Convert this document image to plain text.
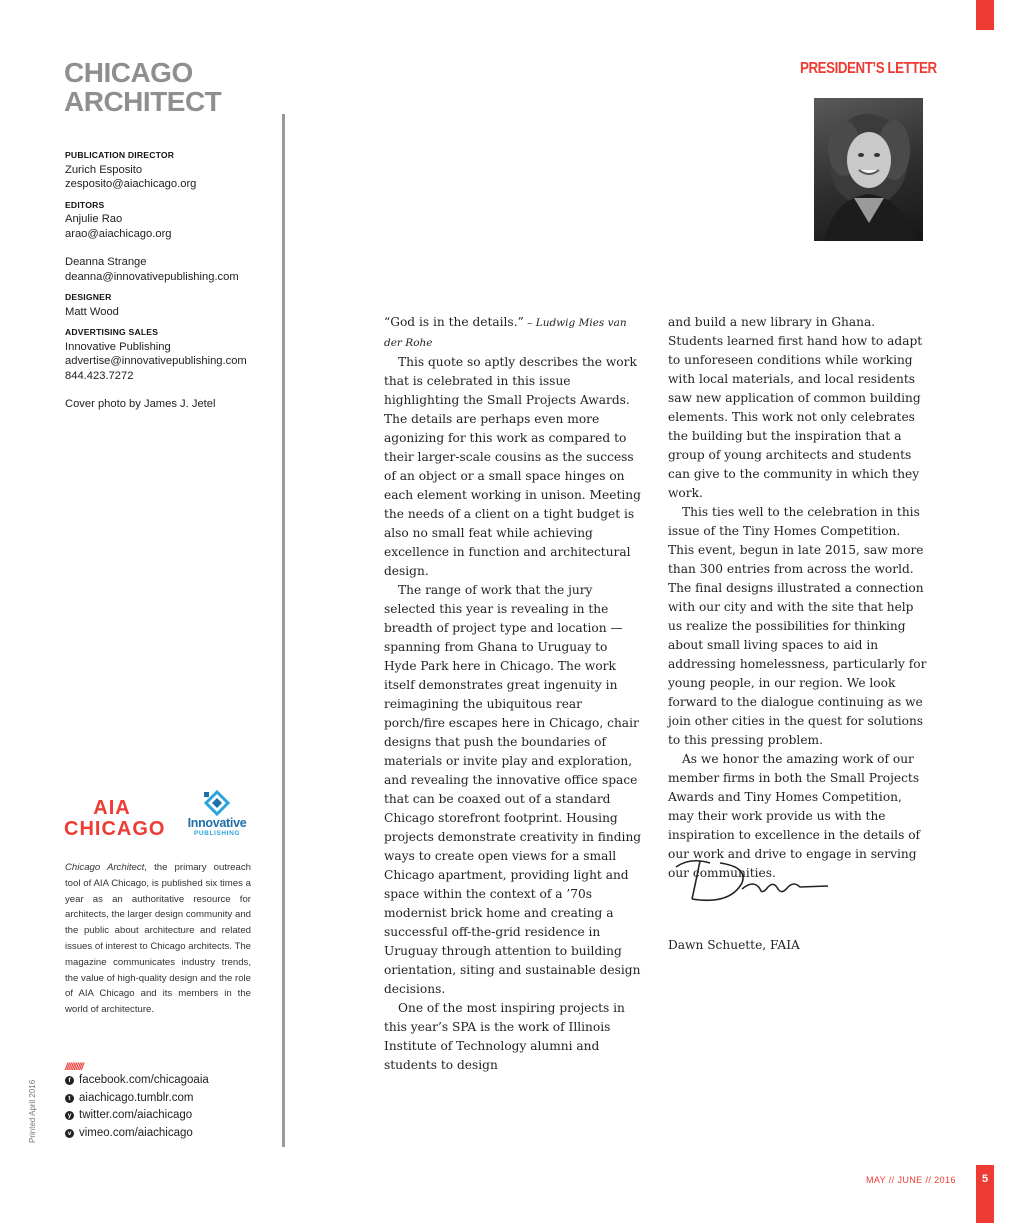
CHICAGO
ARCHITECT
PUBLICATION DIRECTOR
Zurich Esposito
zesposito@aiachicago.org
EDITORS
Anjulie Rao
arao@aiachicago.org
Deanna Strange
deanna@innovativepublishing.com
DESIGNER
Matt Wood
ADVERTISING SALES
Innovative Publishing
advertise@innovativepublishing.com
844.423.7272
Cover photo by James J. Jetel
AIA
CHICAGO	Innovative
PUBLISHING
Chicago Architect, the primary outreach tool of AIA Chicago, is published six times a year as an authoritative resource for architects, the larger design community and the public about architecture and related issues of interest to Chicago architects. The magazine communicates industry trends, the value of high-quality design and the role of AIA Chicago and its members in the world of architecture.
//////////
f facebook.com/chicagoaia
t aiachicago.tumblr.com
y twitter.com/aiachicago
v vimeo.com/aiachicago
Printed April 2016
PRESIDENT’S LETTER

“God is in the details.” – Ludwig Mies van der Rohe

This quote so aptly describes the work that is celebrated in this issue highlighting the Small Projects Awards. The details are perhaps even more agonizing for this work as compared to their larger-scale cousins as the success of an object or a small space hinges on each element working in unison. Meeting the needs of a client on a tight budget is also no small feat while achieving excellence in function and architectural design.

The range of work that the jury selected this year is revealing in the breadth of project type and location — spanning from Ghana to Uruguay to Hyde Park here in Chicago. The work itself demonstrates great ingenuity in reimagining the ubiquitous rear porch/fire escapes here in Chicago, chair designs that push the boundaries of materials or invite play and exploration, and revealing the innovative office space that can be coaxed out of a standard Chicago storefront footprint. Housing projects demonstrate creativity in finding ways to create open views for a small Chicago apartment, providing light and space within the context of a ’70s modernist brick home and creating a successful off-the-grid residence in Uruguay through attention to building orientation, siting and sustainable design decisions.

One of the most inspiring projects in this year’s SPA is the work of Illinois Institute of Technology alumni and students to design

and build a new library in Ghana. Students learned first hand how to adapt to unforeseen conditions while working with local materials, and local residents saw new application of common building elements. This work not only celebrates the building but the inspiration that a group of young architects and students can give to the community in which they work.

This ties well to the celebration in this issue of the Tiny Homes Competition. This event, begun in late 2015, saw more than 300 entries from across the world. The final designs illustrated a connection with our city and with the site that help us realize the possibilities for thinking about small living spaces to aid in addressing homelessness, particularly for young people, in our region. We look forward to the dialogue continuing as we join other cities in the quest for solutions to this pressing problem.

As we honor the amazing work of our member firms in both the Small Projects Awards and Tiny Homes Competition, may their work provide us with the inspiration to excellence in the details of our work and drive to engage in serving our communities.

Dawn Schuette, FAIA
MAY // JUNE // 2016	5
